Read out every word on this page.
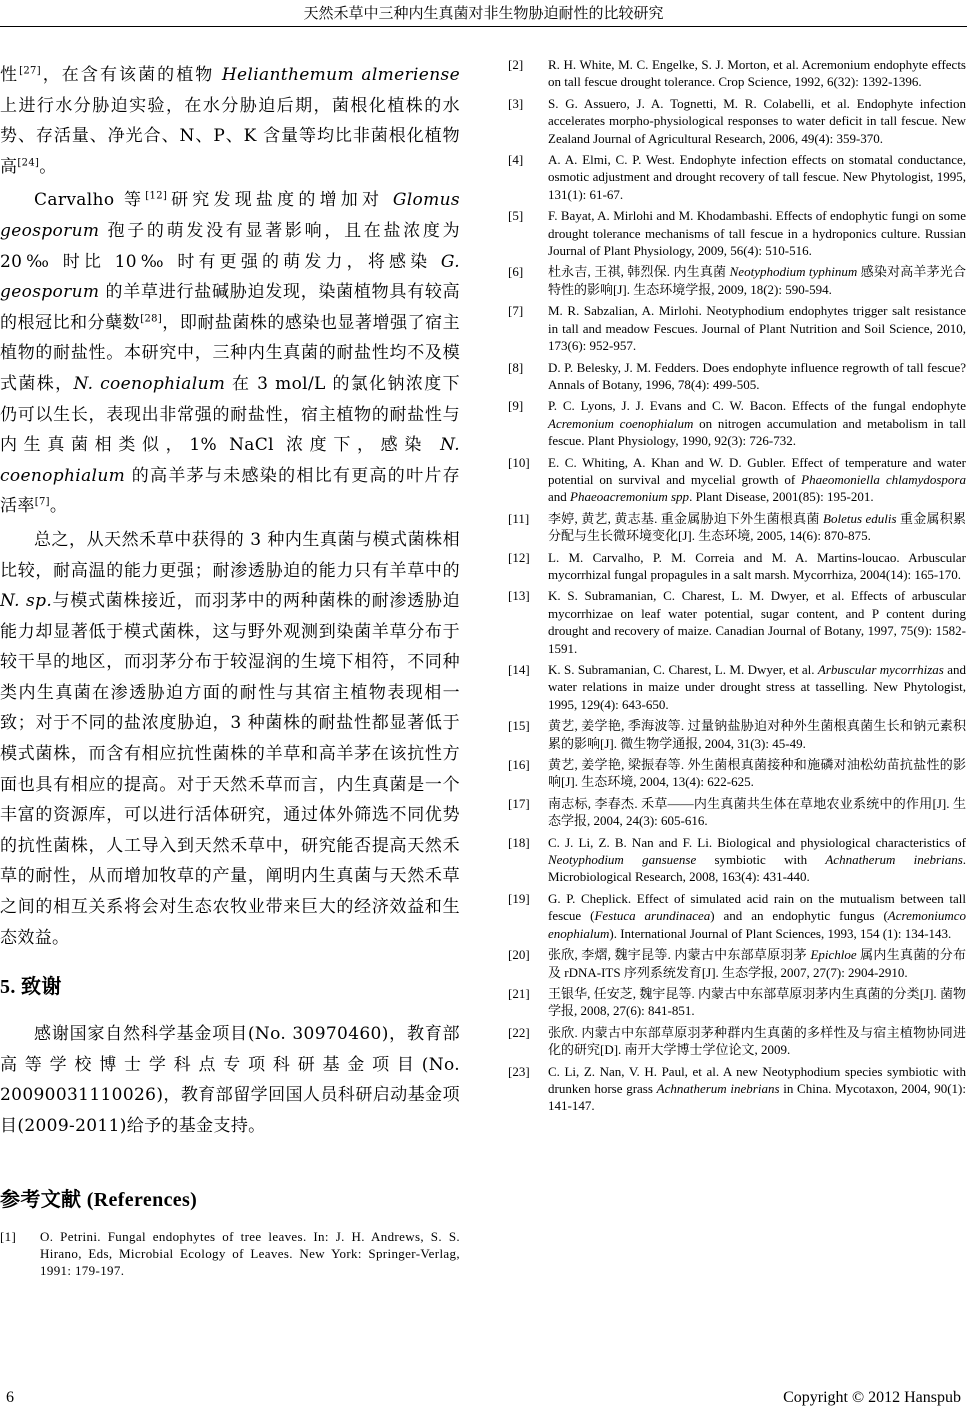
天然禾草中三种内生真菌对非生物胁迫耐性的比较研究

性[27]，在含有该菌的植物 Helianthemum almeriense 上进行水分胁迫实验，在水分胁迫后期，菌根化植株的水势、存活量、净光合、N、P、K 含量等均比非菌根化植物高[24]。

Carvalho 等[12]研究发现盐度的增加对 Glomus geosporum 孢子的萌发没有显著影响，且在盐浓度为 20‰ 时比 10‰ 时有更强的萌发力，将感染 G. geosporum 的羊草进行盐碱胁迫发现，染菌植物具有较高的根冠比和分蘖数[28]，即耐盐菌株的感染也显著增强了宿主植物的耐盐性。本研究中，三种内生真菌的耐盐性均不及模式菌株，N. coenophialum 在 3 mol/L 的氯化钠浓度下仍可以生长，表现出非常强的耐盐性，宿主植物的耐盐性与内生真菌相类似，1% NaCl 浓度下，感染 N. coenophialum 的高羊茅与未感染的相比有更高的叶片存活率[7]。

总之，从天然禾草中获得的 3 种内生真菌与模式菌株相比较，耐高温的能力更强；耐渗透胁迫的能力只有羊草中的 N. sp.与模式菌株接近，而羽茅中的两种菌株的耐渗透胁迫能力却显著低于模式菌株，这与野外观测到染菌羊草分布于较干旱的地区，而羽茅分布于较湿润的生境下相符，不同种类内生真菌在渗透胁迫方面的耐性与其宿主植物表现相一致；对于不同的盐浓度胁迫，3 种菌株的耐盐性都显著低于模式菌株，而含有相应抗性菌株的羊草和高羊茅在该抗性方面也具有相应的提高。对于天然禾草而言，内生真菌是一个丰富的资源库，可以进行活体研究，通过体外筛选不同优势的抗性菌株，人工导入到天然禾草中，研究能否提高天然禾草的耐性，从而增加牧草的产量，阐明内生真菌与天然禾草之间的相互关系将会对生态农牧业带来巨大的经济效益和生态效益。

5. 致谢

感谢国家自然科学基金项目(No. 30970460)，教育部高等学校博士学科点专项科研基金项目(No. 20090031110026)，教育部留学回国人员科研启动基金项目(2009-2011)给予的基金支持。

参考文献 (References)
[1] O. Petrini. Fungal endophytes of tree leaves. In: J. H. Andrews, S. S. Hirano, Eds, Microbial Ecology of Leaves. New York: Springer-Verlag, 1991: 179-197.
[2] R. H. White, M. C. Engelke, S. J. Morton, et al. Acremonium endophyte effects on tall fescue drought tolerance. Crop Science, 1992, 6(32): 1392-1396.
[3] S. G. Assuero, J. A. Tognetti, M. R. Colabelli, et al. Endophyte infection accelerates morpho-physiological responses to water deficit in tall fescue. New Zealand Journal of Agricultural Research, 2006, 49(4): 359-370.
[4] A. A. Elmi, C. P. West. Endophyte infection effects on stomatal conductance, osmotic adjustment and drought recovery of tall fescue. New Phytologist, 1995, 131(1): 61-67.
[5] F. Bayat, A. Mirlohi and M. Khodambashi. Effects of endophytic fungi on some drought tolerance mechanisms of tall fescue in a hydroponics culture. Russian Journal of Plant Physiology, 2009, 56(4): 510-516.
[6] 杜永吉, 王祺, 韩烈保. 内生真菌 Neotyphodium typhinum 感染对高羊茅光合特性的影响[J]. 生态环境学报, 2009, 18(2): 590-594.
[7] M. R. Sabzalian, A. Mirlohi. Neotyphodium endophytes trigger salt resistance in tall and meadow Fescues. Journal of Plant Nutrition and Soil Science, 2010, 173(6): 952-957.
[8] D. P. Belesky, J. M. Fedders. Does endophyte influence regrowth of tall fescue? Annals of Botany, 1996, 78(4): 499-505.
[9] P. C. Lyons, J. J. Evans and C. W. Bacon. Effects of the fungal endophyte Acremonium coenophialum on nitrogen accumulation and metabolism in tall fescue. Plant Physiology, 1990, 92(3): 726-732.
[10] E. C. Whiting, A. Khan and W. D. Gubler. Effect of temperature and water potential on survival and mycelial growth of Phaeomoniella chlamydospora and Phaeoacremonium spp. Plant Disease, 2001(85): 195-201.
[11] 李婷, 黄艺, 黄志基. 重金属胁迫下外生菌根真菌 Boletus edulis 重金属积累分配与生长微环境变化[J]. 生态环境, 2005, 14(6): 870-875.
[12] L. M. Carvalho, P. M. Correia and M. A. Martins-loucao. Arbuscular mycorrhizal fungal propagules in a salt marsh. Mycorrhiza, 2004(14): 165-170.
[13] K. S. Subramanian, C. Charest, L. M. Dwyer, et al. Effects of arbuscular mycorrhizae on leaf water potential, sugar content, and P content during drought and recovery of maize. Canadian Journal of Botany, 1997, 75(9): 1582-1591.
[14] K. S. Subramanian, C. Charest, L. M. Dwyer, et al. Arbuscular mycorrhizas and water relations in maize under drought stress at tasselling. New Phytologist, 1995, 129(4): 643-650.
[15] 黄艺, 姜学艳, 季海波等. 过量钠盐胁迫对种外生菌根真菌生长和钠元素积累的影响[J]. 微生物学通报, 2004, 31(3): 45-49.
[16] 黄艺, 姜学艳, 梁振春等. 外生菌根真菌接种和施磷对油松幼苗抗盐性的影响[J]. 生态环境, 2004, 13(4): 622-625.
[17] 南志标, 李春杰. 禾草——内生真菌共生体在草地农业系统中的作用[J]. 生态学报, 2004, 24(3): 605-616.
[18] C. J. Li, Z. B. Nan and F. Li. Biological and physiological characteristics of Neotyphodium gansuense symbiotic with Achnatherum inebrians. Microbiological Research, 2008, 163(4): 431-440.
[19] G. P. Cheplick. Effect of simulated acid rain on the mutualism between tall fescue (Festuca arundinacea) and an endophytic fungus (Acremoniumco enophialum). International Journal of Plant Sciences, 1993, 154 (1): 134-143.
[20] 张欣, 李熠, 魏宇昆等. 内蒙古中东部草原羽茅 Epichloe 属内生真菌的分布及 rDNA-ITS 序列系统发育[J]. 生态学报, 2007, 27(7): 2904-2910.
[21] 王银华, 任安芝, 魏宇昆等. 内蒙古中东部草原羽茅内生真菌的分类[J]. 菌物学报, 2008, 27(6): 841-851.
[22] 张欣. 内蒙古中东部草原羽茅种群内生真菌的多样性及与宿主植物协同进化的研究[D]. 南开大学博士学位论文, 2009.
[23] C. Li, Z. Nan, V. H. Paul, et al. A new Neotyphodium species symbiotic with drunken horse grass Achnatherum inebrians in China. Mycotaxon, 2004, 90(1): 141-147.
6	Copyright © 2012 Hanspub
